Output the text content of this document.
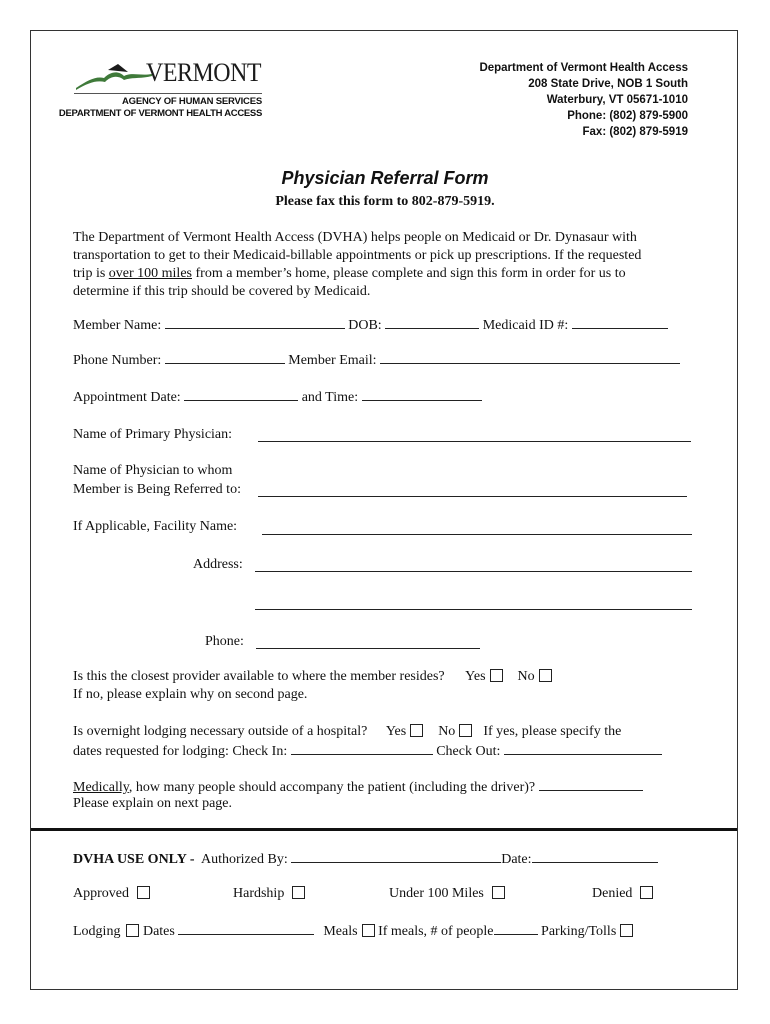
VERMONT
AGENCY OF HUMAN SERVICES
DEPARTMENT OF VERMONT HEALTH ACCESS
Department of Vermont Health Access
208 State Drive, NOB 1 South
Waterbury, VT 05671-1010
Phone: (802) 879-5900
Fax: (802) 879-5919
Physician Referral Form
Please fax this form to 802-879-5919.
The Department of Vermont Health Access (DVHA) helps people on Medicaid or Dr. Dynasaur with
transportation to get to their Medicaid-billable appointments or pick up prescriptions. If the requested
trip is over 100 miles from a member’s home, please complete and sign this form in order for us to
determine if this trip should be covered by Medicaid.
Member Name:	DOB:	Medicaid ID #:
Phone Number:	Member Email:
Appointment Date:	and Time:
Name of Primary Physician:
Name of Physician to whom
Member is Being Referred to:
If Applicable, Facility Name:
Address:
Phone:
Is this the closest provider available to where the member resides? Yes No
If no, please explain why on second page.
Is overnight lodging necessary outside of a hospital? Yes No If yes, please specify the
dates requested for lodging: Check In:	Check Out:
Medically, how many people should accompany the patient (including the driver)?
Please explain on next page.
DVHA USE ONLY - Authorized By:	Date:
Approved	Hardship	Under 100 Miles	Denied
Lodging Dates	Meals If meals, # of people	Parking/Tolls
